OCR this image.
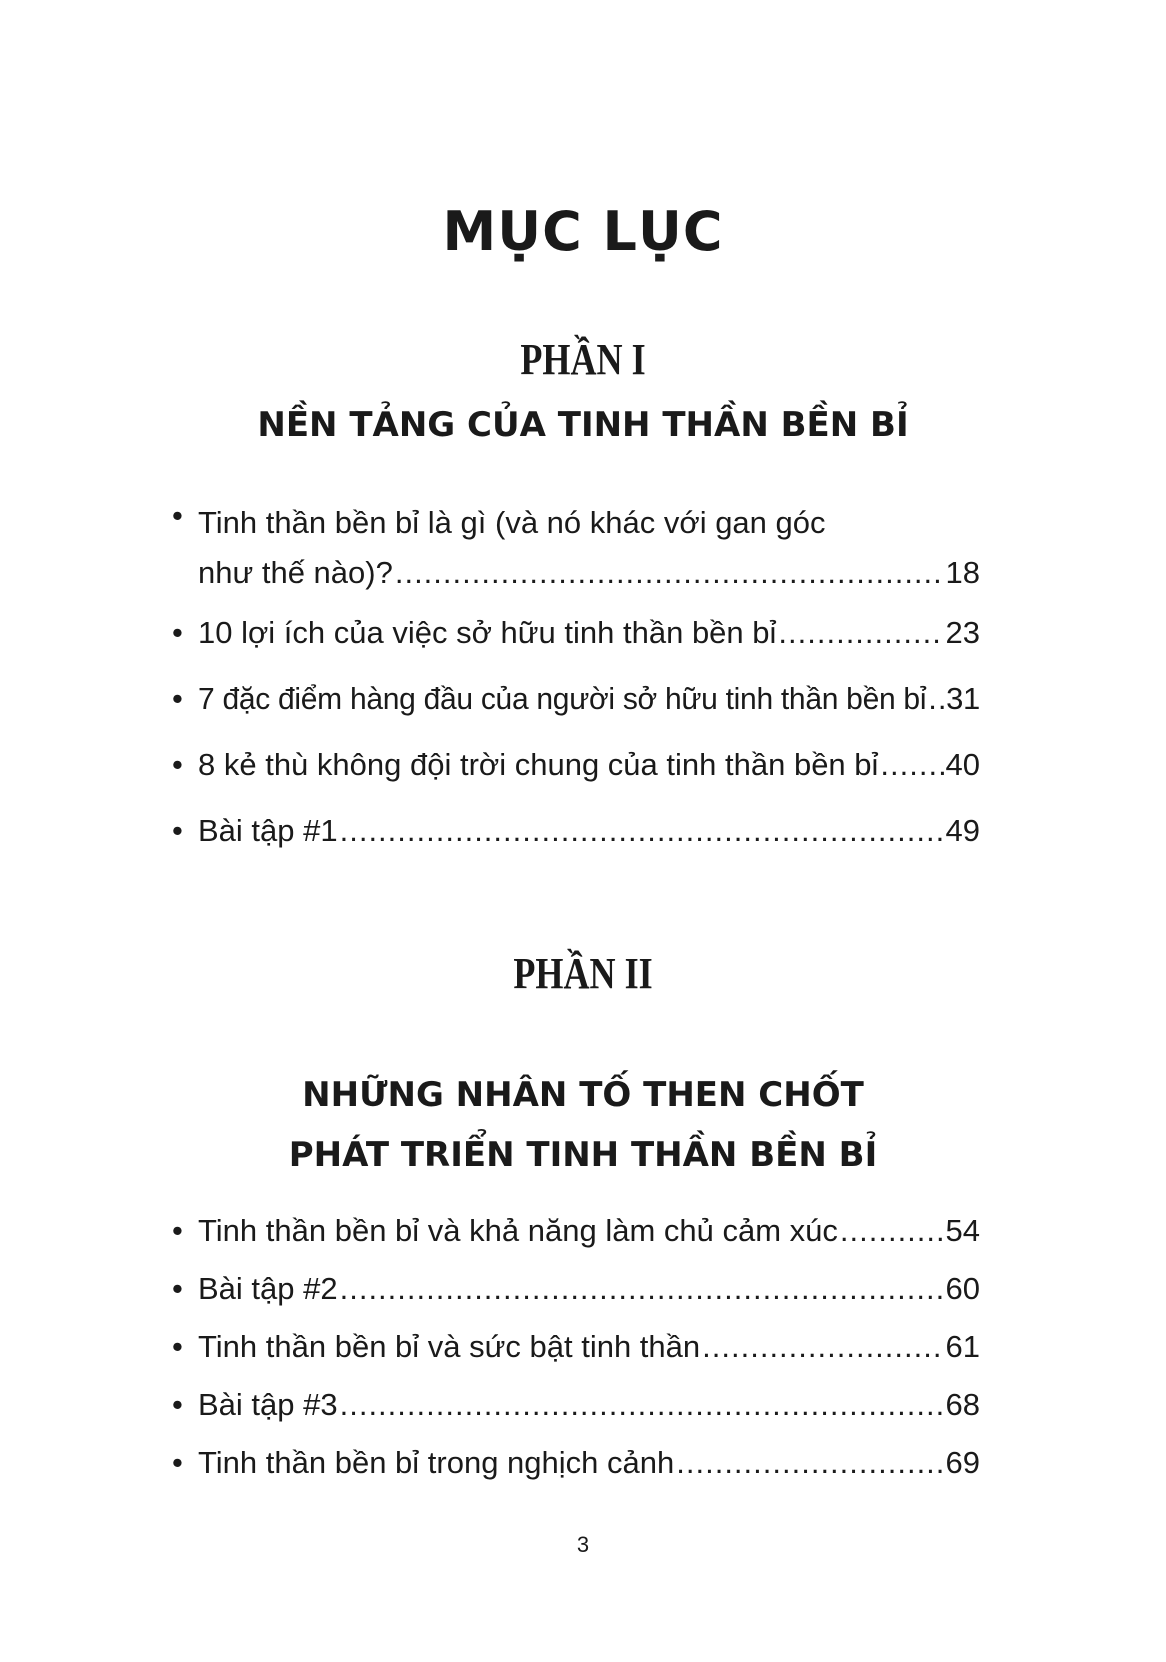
MỤC LỤC
PHẦN I
NỀN TẢNG CỦA TINH THẦN BỀN BỈ
• Tinh thần bền bỉ là gì (và nó khác với gan góc
như thế nào)? .....	18
• 10 lợi ích của việc sở hữu tinh thần bền bỉ .....	23
• 7 đặc điểm hàng đầu của người sở hữu tinh thần bền bỉ ..... 31
• 8 kẻ thù không đội trời chung của tinh thần bền bỉ ..... 40
• Bài tập #1 .....	49
PHẦN II
NHỮNG NHÂN TỐ THEN CHỐT
PHÁT TRIỂN TINH THẦN BỀN BỈ
• Tinh thần bền bỉ và khả năng làm chủ cảm xúc .....	54
• Bài tập #2 .....	60
• Tinh thần bền bỉ và sức bật tinh thần .....	61
• Bài tập #3 .....	68
• Tinh thần bền bỉ trong nghịch cảnh .....	69
3
